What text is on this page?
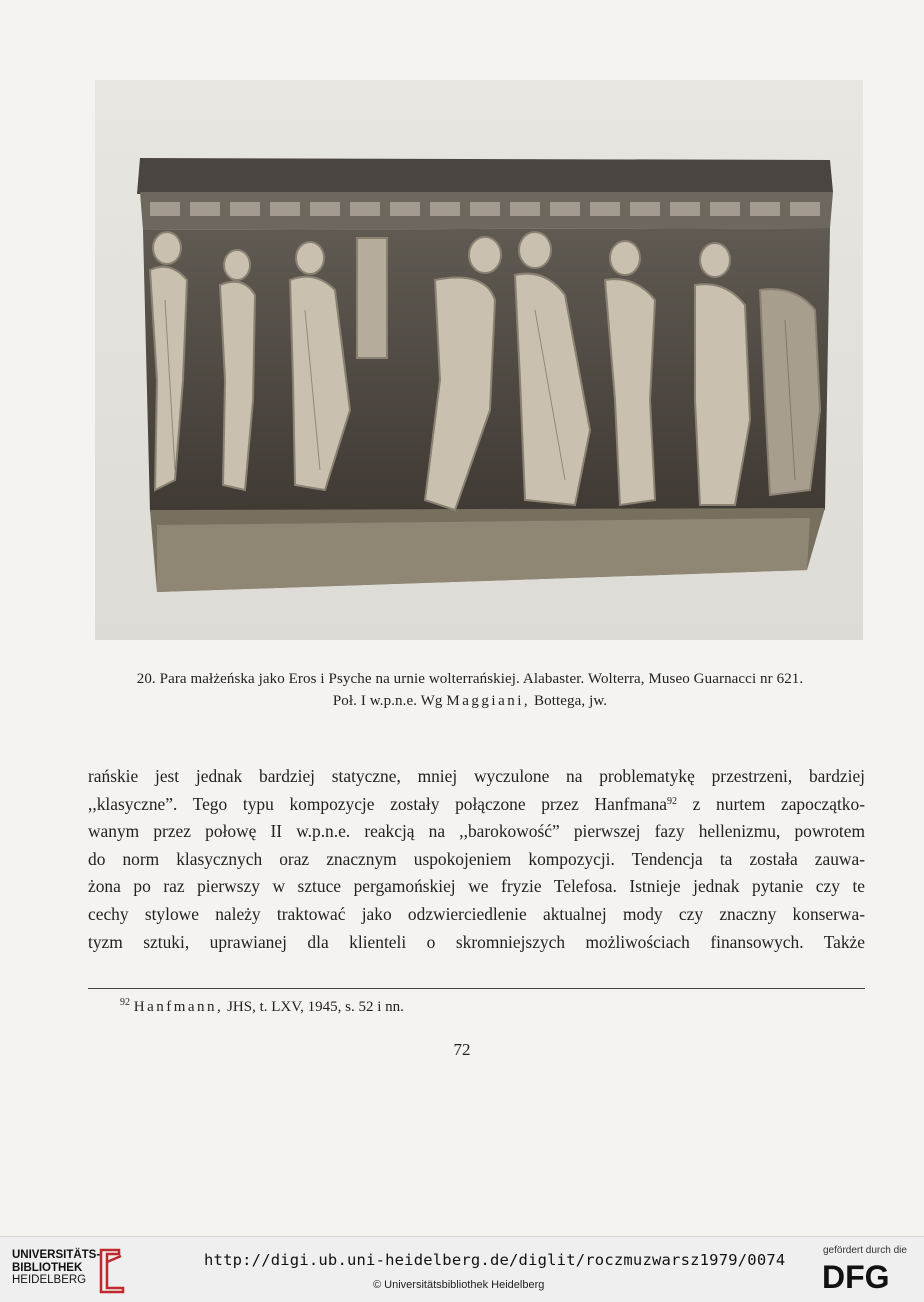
20. Para małżeńska jako Eros i Psyche na urnie wolterrańskiej. Alabaster. Wolterra, Museo Guarnacci nr 621.
Poł. I w.p.n.e. Wg Maggiani, Bottega, jw.
rańskie jest jednak bardziej statyczne, mniej wyczulone na problematykę przestrzeni, bardziej
,,klasyczne”. Tego typu kompozycje zostały połączone przez Hanfmana$^{92}$ z nurtem zapoczątko-
wanym przez połowę II w.p.n.e. reakcją na ,,barokowość” pierwszej fazy hellenizmu, powrotem
do norm klasycznych oraz znacznym uspokojeniem kompozycji. Tendencja ta została zauwa-
żona po raz pierwszy w sztuce pergamońskiej we fryzie Telefosa. Istnieje jednak pytanie czy te
cechy stylowe należy traktować jako odzwierciedlenie aktualnej mody czy znaczny konserwa-
tyzm sztuki, uprawianej dla klienteli o skromniejszych możliwościach finansowych. Także
$^{92}$ Hanfmann, JHS, t. LXV, 1945, s. 52 i nn.
72
UNIVERSITÄTS-
BIBLIOTHEK
HEIDELBERG
http://digi.ub.uni-heidelberg.de/diglit/roczmuzwarsz1979/0074
© Universitätsbibliothek Heidelberg
gefördert durch die
DFG
